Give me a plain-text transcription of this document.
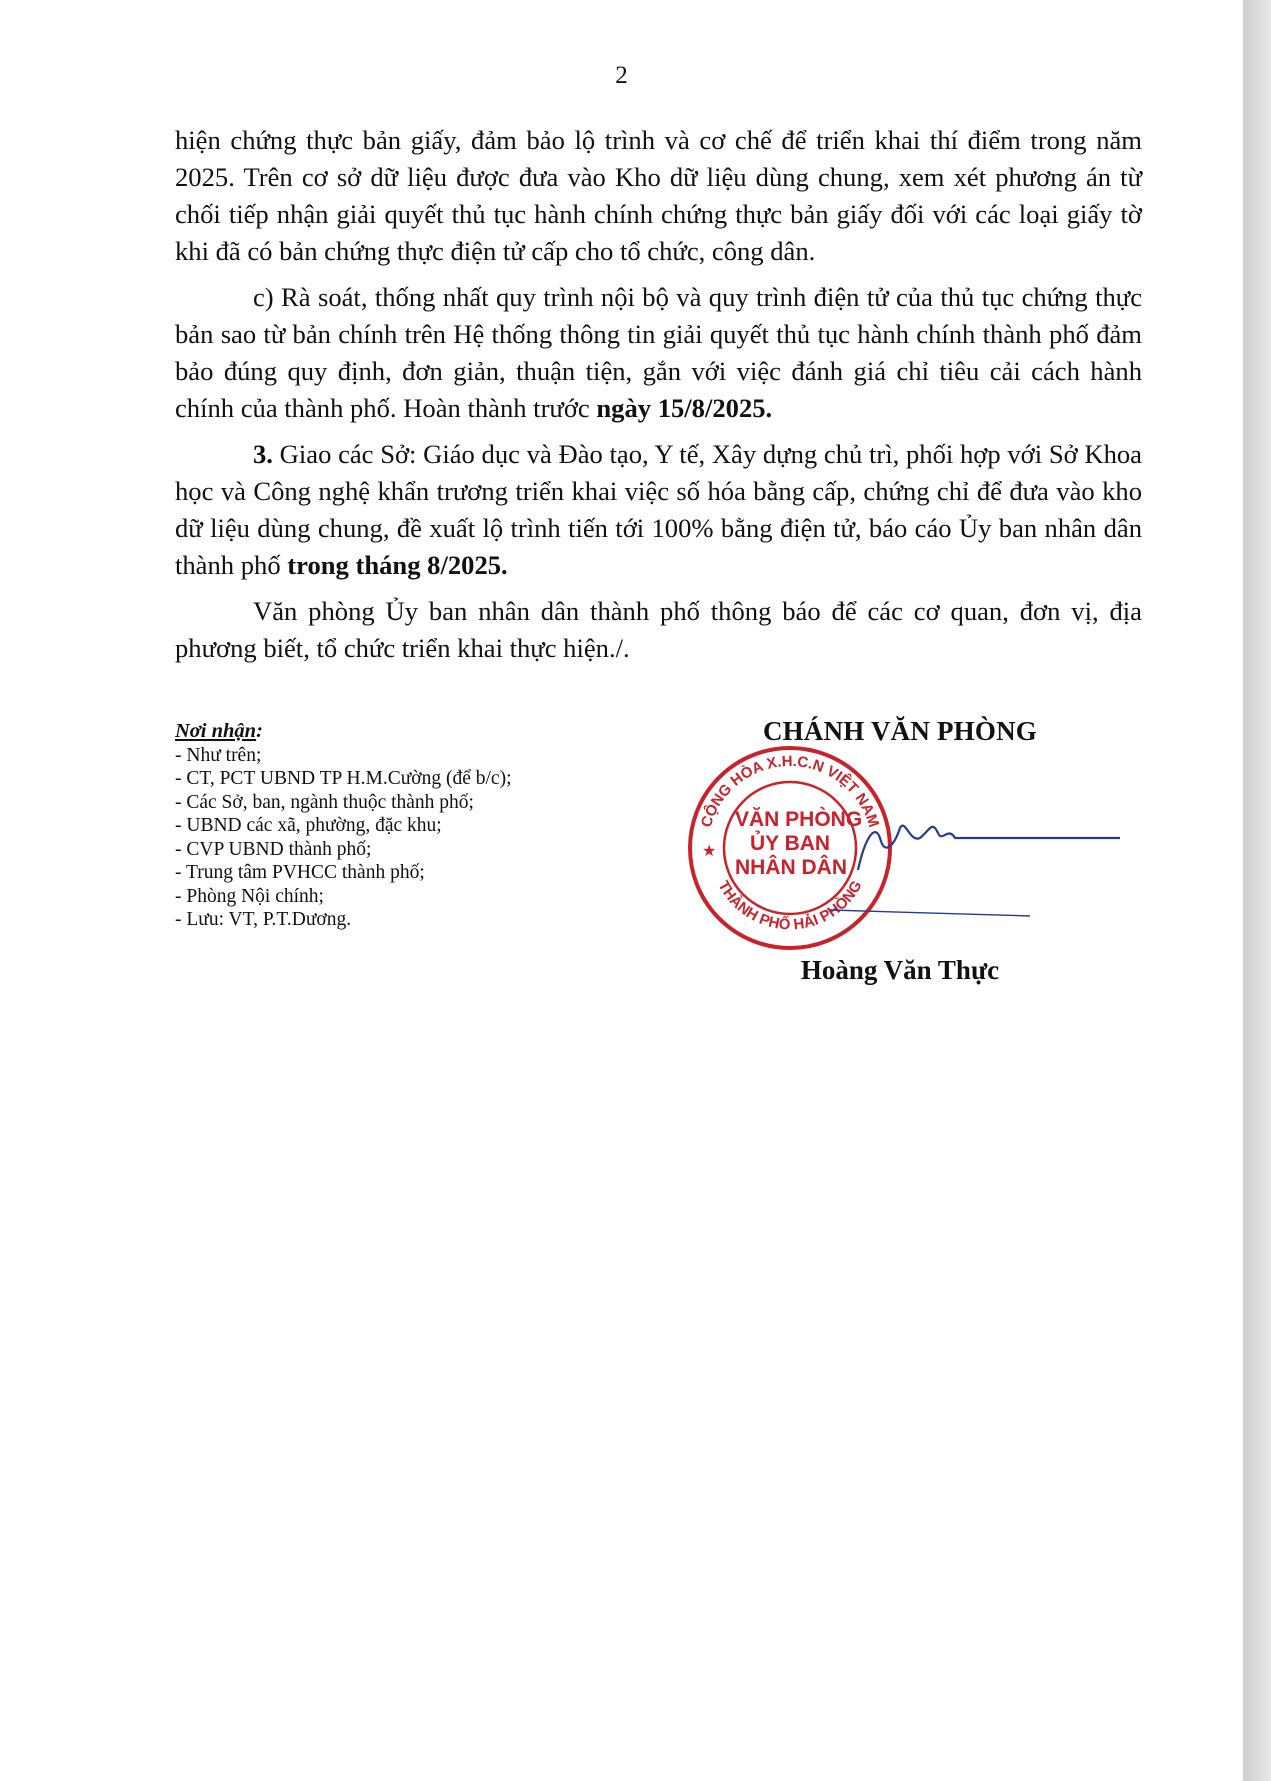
2

hiện chứng thực bản giấy, đảm bảo lộ trình và cơ chế để triển khai thí điểm trong năm 2025. Trên cơ sở dữ liệu được đưa vào Kho dữ liệu dùng chung, xem xét phương án từ chối tiếp nhận giải quyết thủ tục hành chính chứng thực bản giấy đối với các loại giấy tờ khi đã có bản chứng thực điện tử cấp cho tổ chức, công dân.

c) Rà soát, thống nhất quy trình nội bộ và quy trình điện tử của thủ tục chứng thực bản sao từ bản chính trên Hệ thống thông tin giải quyết thủ tục hành chính thành phố đảm bảo đúng quy định, đơn giản, thuận tiện, gắn với việc đánh giá chỉ tiêu cải cách hành chính của thành phố. Hoàn thành trước ngày 15/8/2025.

3. Giao các Sở: Giáo dục và Đào tạo, Y tế, Xây dựng chủ trì, phối hợp với Sở Khoa học và Công nghệ khẩn trương triển khai việc số hóa bằng cấp, chứng chỉ để đưa vào kho dữ liệu dùng chung, đề xuất lộ trình tiến tới 100% bằng điện tử, báo cáo Ủy ban nhân dân thành phố trong tháng 8/2025.

Văn phòng Ủy ban nhân dân thành phố thông báo để các cơ quan, đơn vị, địa phương biết, tổ chức triển khai thực hiện./.

Nơi nhận:
- Như trên;
- CT, PCT UBND TP H.M.Cường (để b/c);
- Các Sở, ban, ngành thuộc thành phố;
- UBND các xã, phường, đặc khu;
- CVP UBND thành phố;
- Trung tâm PVHCC thành phố;
- Phòng Nội chính;
- Lưu: VT, P.T.Dương.
CHÁNH VĂN PHÒNG
CỘNG HÒA X.H.C.N VIỆT NAM
THÀNH PHỐ HẢI PHÒNG
★
VĂN PHÒNG
ỦY BAN
NHÂN DÂN
Hoàng Văn Thực
